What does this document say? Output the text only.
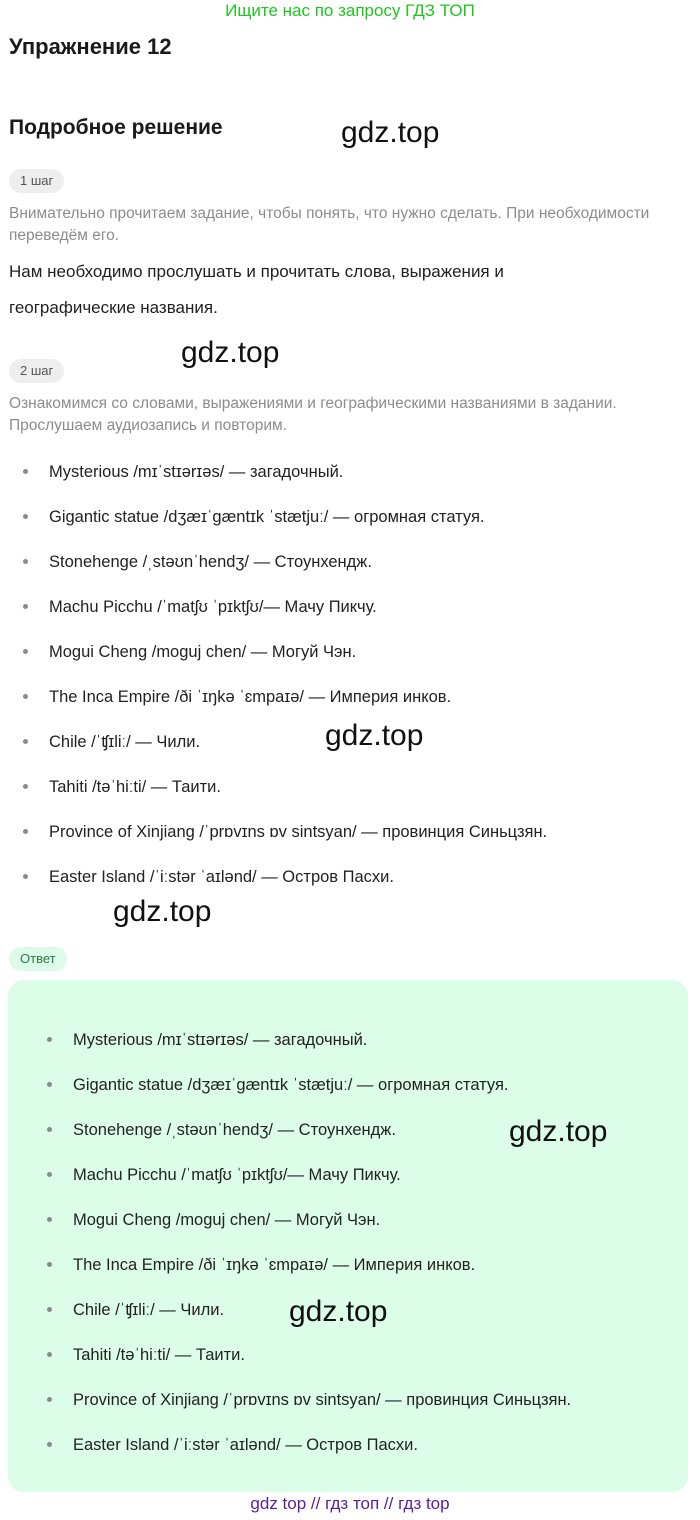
Ищите нас по запросу ГДЗ ТОП
Упражнение 12
Подробное решение	gdz.top
1 шаг
Внимательно прочитаем задание, чтобы понять, что нужно сделать. При необходимости переведём его.
Нам необходимо прослушать и прочитать слова, выражения и географические названия.
gdz.top
2 шаг
Ознакомимся со словами, выражениями и географическими названиями в задании. Прослушаем аудиозапись и повторим.
Mysterious /mɪˈstɪərɪəs/ — загадочный.
Gigantic statue /dʒæɪˈgæntɪk ˈstætjuː/ — огромная статуя.
Stonehenge /ˌstəʊnˈhendʒ/ — Стоунхендж.
Machu Picchu /ˈmatʃʊ ˈpɪktʃʊ/— Мачу Пикчу.
Mogui Cheng /moguj chen/ — Могуй Чэн.
The Inca Empire /ði ˈɪŋkə ˈɛmpaɪə/ — Империя инков.
Chile /ˈʧɪliː/ — Чили.
Tahiti /təˈhiːti/ — Таити.
Province of Xinjiang /ˈprɒvɪns ɒv sintsyan/ — провинция Синьцзян.
Easter Island /ˈiːstər ˈaɪlənd/ — Остров Пасхи.
gdz.top
gdz.top
Ответ
Mysterious /mɪˈstɪərɪəs/ — загадочный.
Gigantic statue /dʒæɪˈgæntɪk ˈstætjuː/ — огромная статуя.
Stonehenge /ˌstəʊnˈhendʒ/ — Стоунхендж.
Machu Picchu /ˈmatʃʊ ˈpɪktʃʊ/— Мачу Пикчу.
Mogui Cheng /moguj chen/ — Могуй Чэн.
The Inca Empire /ði ˈɪŋkə ˈɛmpaɪə/ — Империя инков.
Chile /ˈʧɪliː/ — Чили.
Tahiti /təˈhiːti/ — Таити.
Province of Xinjiang /ˈprɒvɪns ɒv sintsyan/ — провинция Синьцзян.
Easter Island /ˈiːstər ˈaɪlənd/ — Остров Пасхи.
gdz.top
gdz.top
gdz top // гдз топ // гдз top
